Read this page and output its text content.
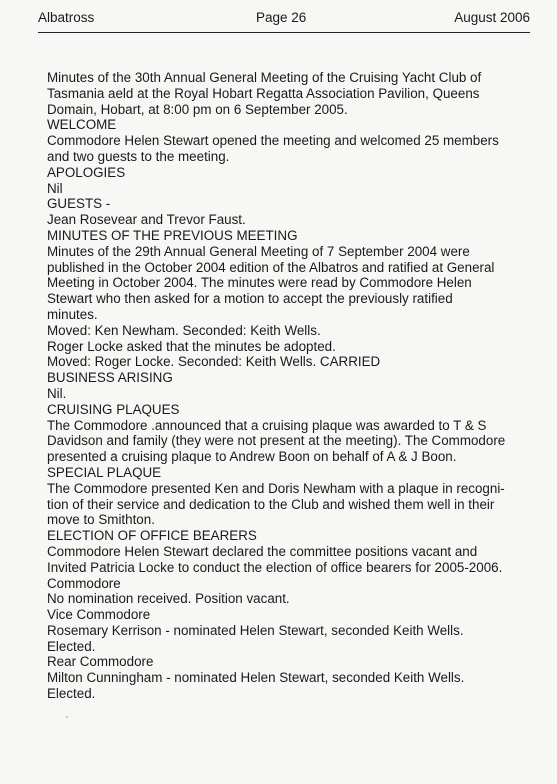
Albatross	Page 26	August 2006
Minutes of the 30th Annual General Meeting of the Cruising Yacht Club of
Tasmania aeld at the Royal Hobart Regatta Association Pavilion, Queens
Domain, Hobart, at 8:00 pm on 6 September 2005.
WELCOME
Commodore Helen Stewart opened the meeting and welcomed 25 members
and two guests to the meeting.
APOLOGIES
Nil
GUESTS -
Jean Rosevear and Trevor Faust.
MINUTES OF THE PREVIOUS MEETING
Minutes of the 29th Annual General Meeting of 7 September 2004 were
published in the October 2004 edition of the Albatros and ratified at General
Meeting in October 2004. The minutes were read by Commodore Helen
Stewart who then asked for a motion to accept the previously ratified
minutes.
Moved: Ken Newham. Seconded: Keith Wells.
Roger Locke asked that the minutes be adopted.
Moved: Roger Locke. Seconded: Keith Wells. CARRIED
BUSINESS ARISING
Nil.
CRUISING PLAQUES
The Commodore .announced that a cruising plaque was awarded to T & S
Davidson and family (they were not present at the meeting). The Commodore
presented a cruising plaque to Andrew Boon on behalf of A & J Boon.
SPECIAL PLAQUE
The Commodore presented Ken and Doris Newham with a plaque in recogni-
tion of their service and dedication to the Club and wished them well in their
move to Smithton.
ELECTION OF OFFICE BEARERS
Commodore Helen Stewart declared the committee positions vacant and
Invited Patricia Locke to conduct the election of office bearers for 2005-2006.
Commodore
No nomination received. Position vacant.
Vice Commodore
Rosemary Kerrison - nominated Helen Stewart, seconded Keith Wells.
Elected.
Rear Commodore
Milton Cunningham - nominated Helen Stewart, seconded Keith Wells.
Elected.
